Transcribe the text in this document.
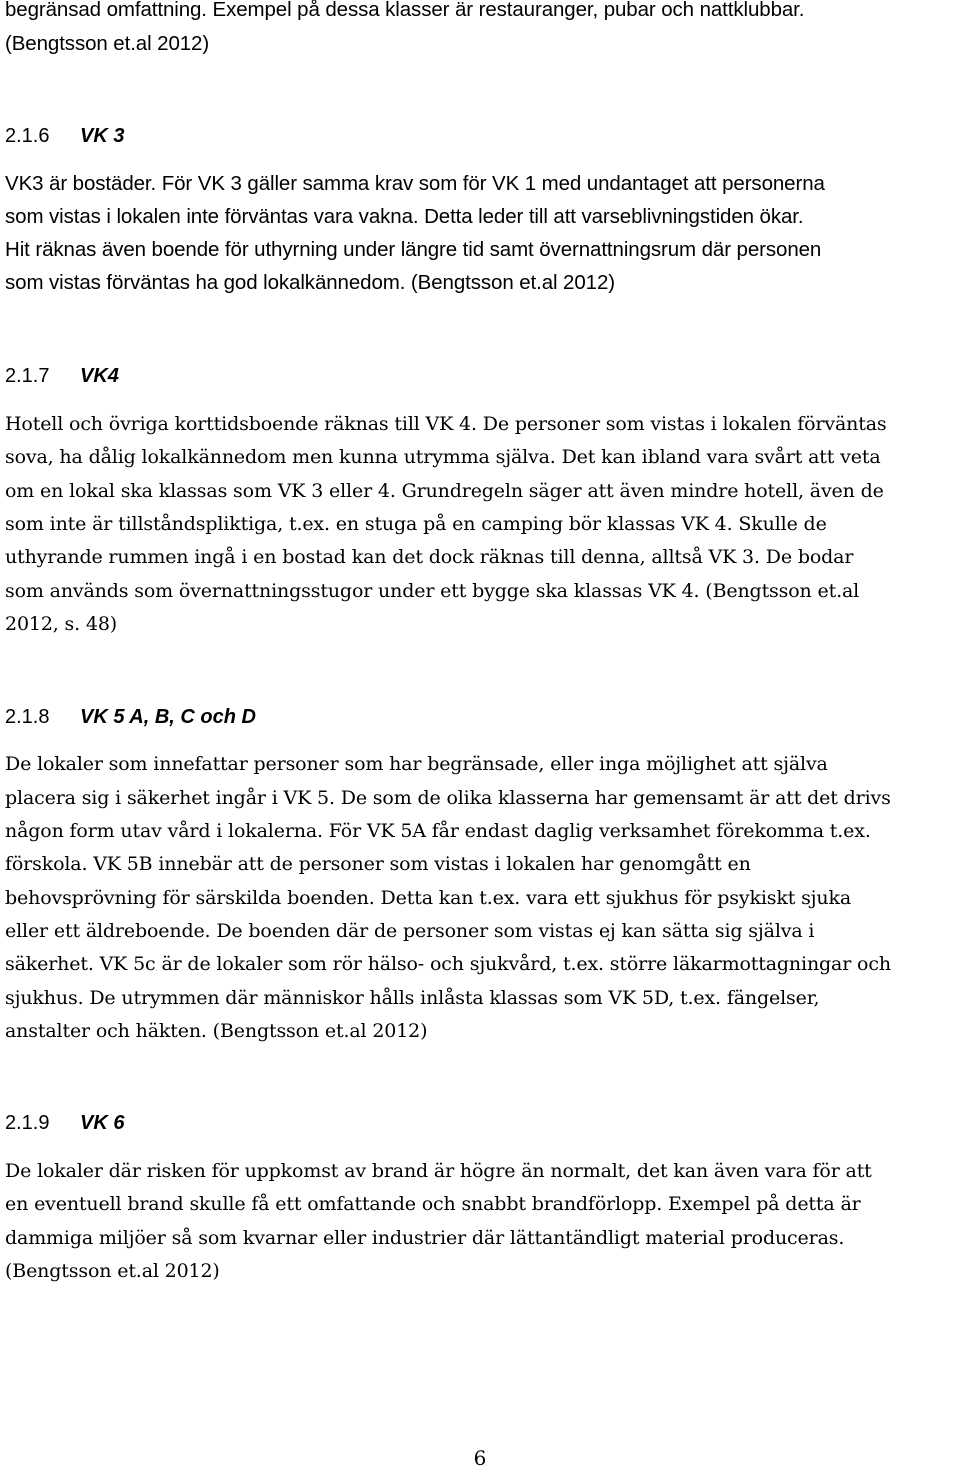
begränsad omfattning. Exempel på dessa klasser är restauranger, pubar och nattklubbar.
(Bengtsson et.al 2012)
2.1.6 VK 3
VK3 är bostäder. För VK 3 gäller samma krav som för VK 1 med undantaget att personerna
som vistas i lokalen inte förväntas vara vakna. Detta leder till att varseblivningstiden ökar.
Hit räknas även boende för uthyrning under längre tid samt övernattningsrum där personen
som vistas förväntas ha god lokalkännedom. (Bengtsson et.al 2012)
2.1.7 VK4
Hotell och övriga korttidsboende räknas till VK 4. De personer som vistas i lokalen förväntas
sova, ha dålig lokalkännedom men kunna utrymma själva. Det kan ibland vara svårt att veta
om en lokal ska klassas som VK 3 eller 4. Grundregeln säger att även mindre hotell, även de
som inte är tillståndspliktiga, t.ex. en stuga på en camping bör klassas VK 4. Skulle de
uthyrande rummen ingå i en bostad kan det dock räknas till denna, alltså VK 3. De bodar
som används som övernattningsstugor under ett bygge ska klassas VK 4. (Bengtsson et.al
2012, s. 48)
2.1.8 VK 5 A, B, C och D
De lokaler som innefattar personer som har begränsade, eller inga möjlighet att själva
placera sig i säkerhet ingår i VK 5. De som de olika klasserna har gemensamt är att det drivs
någon form utav vård i lokalerna. För VK 5A får endast daglig verksamhet förekomma t.ex.
förskola. VK 5B innebär att de personer som vistas i lokalen har genomgått en
behovsprövning för särskilda boenden. Detta kan t.ex. vara ett sjukhus för psykiskt sjuka
eller ett äldreboende. De boenden där de personer som vistas ej kan sätta sig själva i
säkerhet. VK 5c är de lokaler som rör hälso- och sjukvård, t.ex. större läkarmottagningar och
sjukhus. De utrymmen där människor hålls inlåsta klassas som VK 5D, t.ex. fängelser,
anstalter och häkten. (Bengtsson et.al 2012)
2.1.9 VK 6
De lokaler där risken för uppkomst av brand är högre än normalt, det kan även vara för att
en eventuell brand skulle få ett omfattande och snabbt brandförlopp. Exempel på detta är
dammiga miljöer så som kvarnar eller industrier där lättantändligt material produceras.
(Bengtsson et.al 2012)
6
